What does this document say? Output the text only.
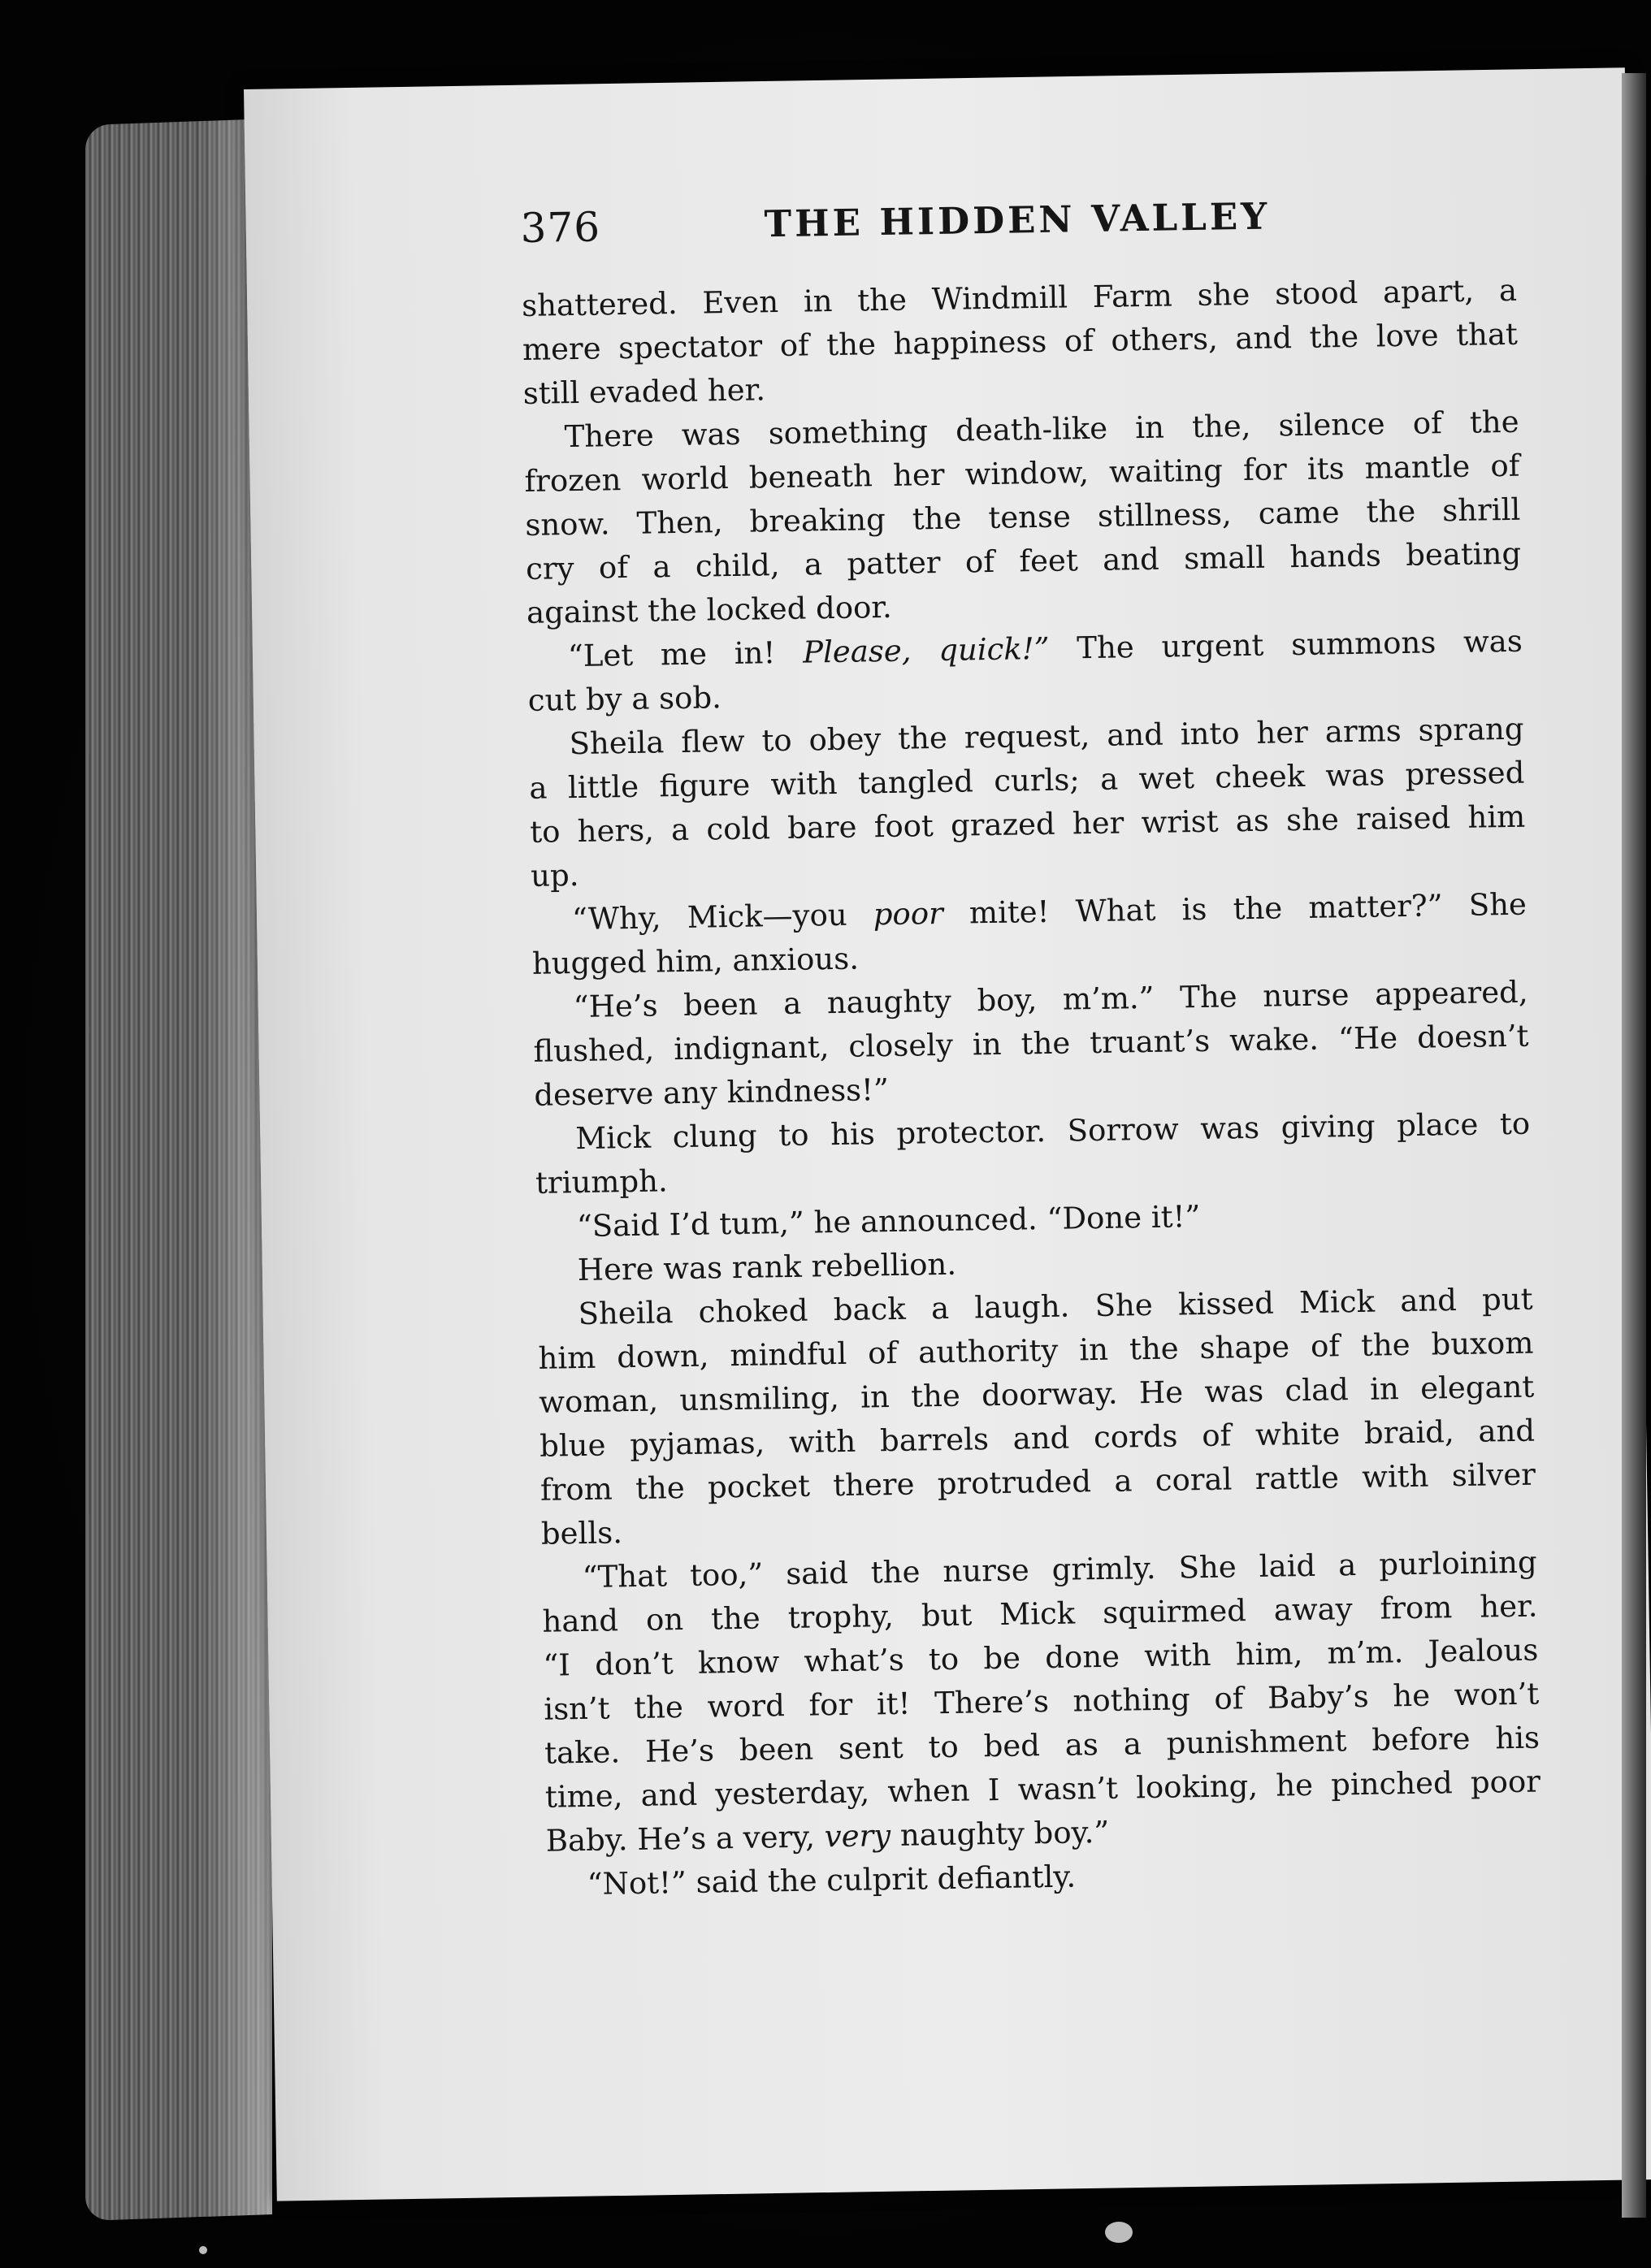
376	THE HIDDEN VALLEY
shattered. Even in the Windmill Farm she stood apart, a
mere spectator of the happiness of others, and the love that
still evaded her.
There was something death-like in the, silence of the
frozen world beneath her window, waiting for its mantle of
snow. Then, breaking the tense stillness, came the shrill
cry of a child, a patter of feet and small hands beating
against the locked door.
“Let me in! Please, quick!” The urgent summons was
cut by a sob.
Sheila flew to obey the request, and into her arms sprang
a little figure with tangled curls; a wet cheek was pressed
to hers, a cold bare foot grazed her wrist as she raised him
up.
“Why, Mick—you poor mite! What is the matter?” She
hugged him, anxious.
“He’s been a naughty boy, m’m.” The nurse appeared,
flushed, indignant, closely in the truant’s wake. “He doesn’t
deserve any kindness!”
Mick clung to his protector. Sorrow was giving place to
triumph.
“Said I’d tum,” he announced. “Done it!”
Here was rank rebellion.
Sheila choked back a laugh. She kissed Mick and put
him down, mindful of authority in the shape of the buxom
woman, unsmiling, in the doorway. He was clad in elegant
blue pyjamas, with barrels and cords of white braid, and
from the pocket there protruded a coral rattle with silver
bells.
“That too,” said the nurse grimly. She laid a purloining
hand on the trophy, but Mick squirmed away from her.
“I don’t know what’s to be done with him, m’m. Jealous
isn’t the word for it! There’s nothing of Baby’s he won’t
take. He’s been sent to bed as a punishment before his
time, and yesterday, when I wasn’t looking, he pinched poor
Baby. He’s a very, very naughty boy.”
“Not!” said the culprit defiantly.
